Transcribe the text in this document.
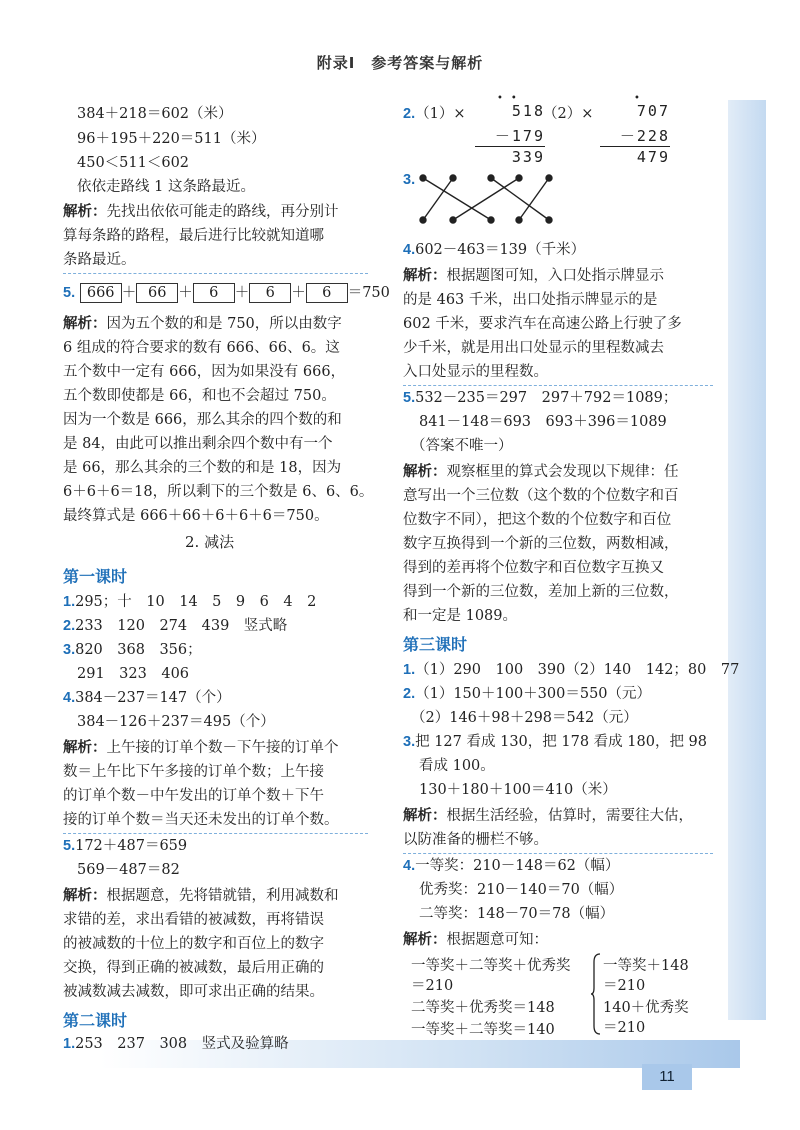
11
附录Ⅰ　参考答案与解析
384＋218＝602（米）
96＋195＋220＝511（米）
450＜511＜602
依依走路线 1 这条路最近。
解析：先找出依依可能走的路线，再分别计
算每条路的路程，最后进行比较就知道哪
条路最近。
5. 666 ＋ 66 ＋ 6 ＋ 6 ＋ 6 ＝750
解析：因为五个数的和是 750，所以由数字
6 组成的符合要求的数有 666、66、6。这
五个数中一定有 666，因为如果没有 666，
五个数即使都是 66，和也不会超过 750。
因为一个数是 666，那么其余的四个数的和
是 84，由此可以推出剩余四个数中有一个
是 66，那么其余的三个数的和是 18，因为
6＋6＋6＝18，所以剩下的三个数是 6、6、6。
最终算式是 666＋66＋6＋6＋6＝750。
2. 减法
第一课时
1.295；十　10　14　5　9　6　4　2
2.233　120　274　439　竖式略
3.820　368　356；
291　323　406
4.384－237＝147（个）
384－126＋237＝495（个）
解析：上午接的订单个数－下午接的订单个
数＝上午比下午多接的订单个数；上午接
的订单个数－中午发出的订单个数＋下午
接的订单个数＝当天还未发出的订单个数。
5.172＋487＝659
569－487＝82
解析：根据题意，先将错就错，利用减数和
求错的差，求出看错的被减数，再将错误
的被减数的十位上的数字和百位上的数字
交换，得到正确的被减数，最后用正确的
被减数减去减数，即可求出正确的结果。
第二课时
1.253　237　308　竖式及验算略
2.（1）×	（2）×
••
518
－179
339
•
707
－228
479
3.
4.602－463＝139（千米）
解析：根据题图可知，入口处指示牌显示
的是 463 千米，出口处指示牌显示的是
602 千米，要求汽车在高速公路上行驶了多
少千米，就是用出口处显示的里程数减去
入口处显示的里程数。
5.532－235＝297　297＋792＝1089；
841－148＝693　693＋396＝1089
（答案不唯一）
解析：观察框里的算式会发现以下规律：任
意写出一个三位数（这个数的个位数字和百
位数字不同），把这个数的个位数字和百位
数字互换得到一个新的三位数，两数相减，
得到的差再将个位数字和百位数字互换又
得到一个新的三位数，差加上新的三位数，
和一定是 1089。
第三课时
1.（1）290　100　390（2）140　142；80　77
2.（1）150＋100＋300＝550（元）
（2）146＋98＋298＝542（元）
3.把 127 看成 130，把 178 看成 180，把 98
看成 100。
130＋180＋100＝410（米）
解析：根据生活经验，估算时，需要往大估，
以防准备的栅栏不够。
4.一等奖：210－148＝62（幅）
优秀奖：210－140＝70（幅）
二等奖：148－70＝78（幅）
解析：根据题意可知：
一等奖＋二等奖＋优秀奖
＝210
二等奖＋优秀奖＝148
一等奖＋二等奖＝140
一等奖＋148
＝210
140＋优秀奖
＝210
